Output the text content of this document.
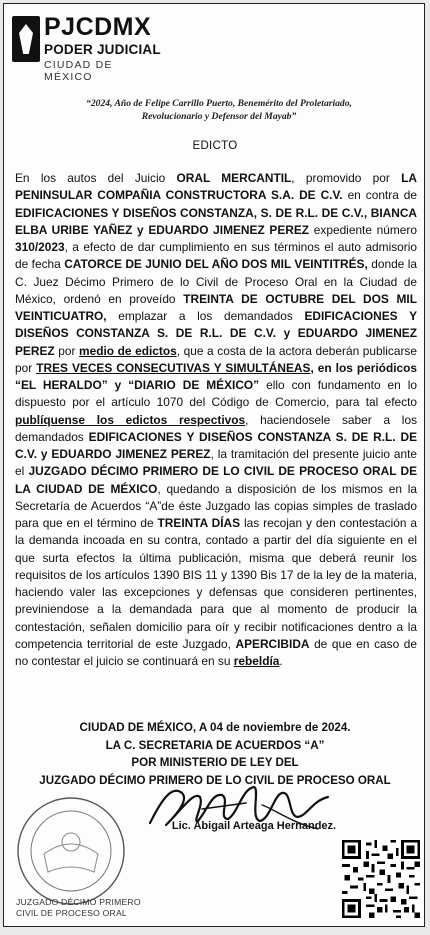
PJCDMX
PODER JUDICIAL
CIUDAD DE MÉXICO
“2024, Año de Felipe Carrillo Puerto, Benemérito del Proletariado,
Revolucionario y Defensor del Mayab”
EDICTO
En los autos del Juicio ORAL MERCANTIL, promovido por LA PENINSULAR COMPAÑIA CONSTRUCTORA S.A. DE C.V. en contra de EDIFICACIONES Y DISEÑOS CONSTANZA, S. DE R.L. DE C.V., BIANCA ELBA URIBE YAÑEZ y EDUARDO JIMENEZ PEREZ expediente número 310/2023, a efecto de dar cumplimiento en sus términos el auto admisorio de fecha CATORCE DE JUNIO DEL AÑO DOS MIL VEINTITRÉS, donde la C. Juez Décimo Primero de lo Civil de Proceso Oral en la Ciudad de México, ordenó en proveído TREINTA DE OCTUBRE DEL DOS MIL VEINTICUATRO, emplazar a los demandados EDIFICACIONES Y DISEÑOS CONSTANZA S. DE R.L. DE C.V. y EDUARDO JIMENEZ PEREZ por medio de edictos, que a costa de la actora deberán publicarse por TRES VECES CONSECUTIVAS Y SIMULTÁNEAS, en los periódicos “EL HERALDO” y “DIARIO DE MÉXICO” ello con fundamento en lo dispuesto por el artículo 1070 del Código de Comercio, para tal efecto publíquense los edictos respectivos, haciendosele saber a los demandados EDIFICACIONES Y DISEÑOS CONSTANZA S. DE R.L. DE C.V. y EDUARDO JIMENEZ PEREZ, la tramitación del presente juicio ante el JUZGADO DÉCIMO PRIMERO DE LO CIVIL DE PROCESO ORAL DE LA CIUDAD DE MÉXICO, quedando a disposición de los mismos en la Secretaría de Acuerdos “A”de éste Juzgado las copias simples de traslado para que en el término de TREINTA DÍAS las recojan y den contestación a la demanda incoada en su contra, contado a partir del día siguiente en el que surta efectos la última publicación, misma que deberá reunir los requisitos de los artículos 1390 BIS 11 y 1390 Bis 17 de la ley de la materia, haciendo valer las excepciones y defensas que consideren pertinentes, previniendose a la demandada para que al momento de producir la contestación, señalen domicilio para oír y recibir notificaciones dentro a la competencia territorial de este Juzgado, APERCIBIDA de que en caso de no contestar el juicio se continuará en su rebeldía.
CIUDAD DE MÉXICO, A 04 de noviembre de 2024.
LA C. SECRETARIA DE ACUERDOS “A”
POR MINISTERIO DE LEY DEL
JUZGADO DÉCIMO PRIMERO DE LO CIVIL DE PROCESO ORAL
Lic. Abigail Arteaga Hernandez.
JUZGADO DÉCIMO PRIMERO
CIVIL DE PROCESO ORAL
